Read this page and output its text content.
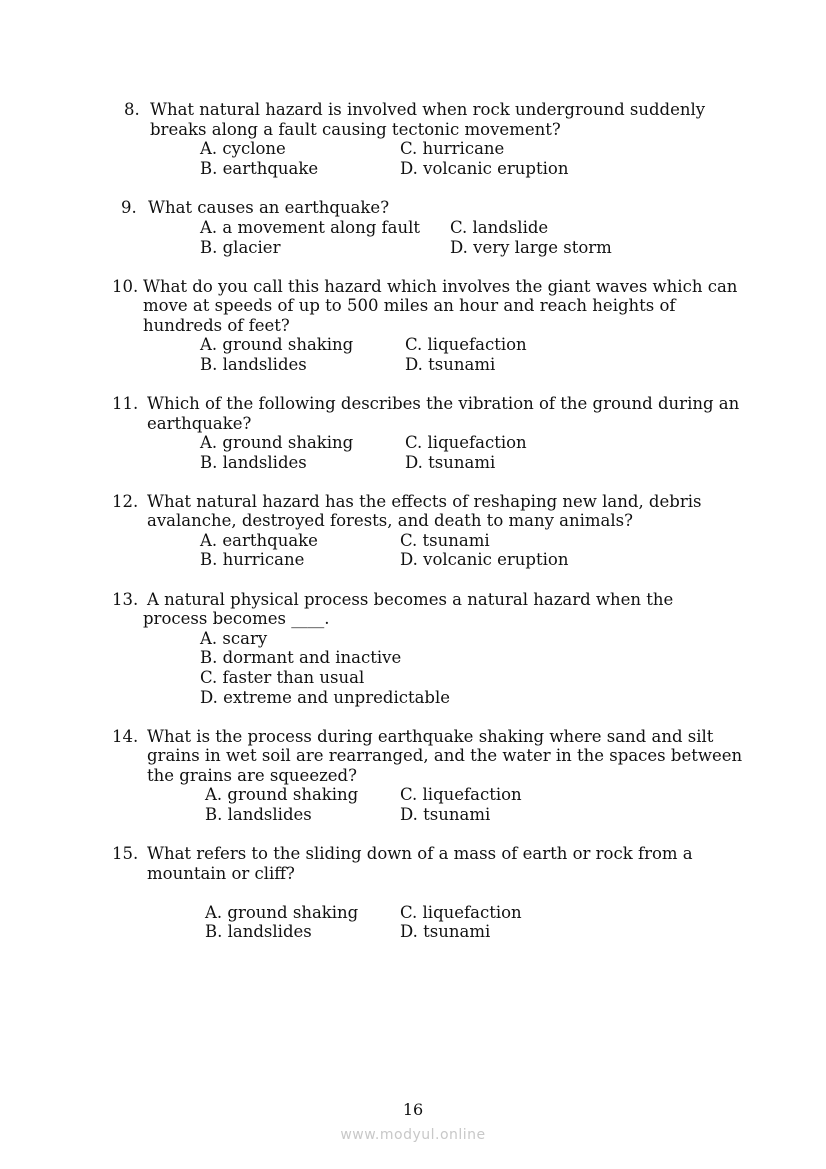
8. What natural hazard is involved when rock underground suddenly
breaks along a fault causing tectonic movement?
A. cyclone	C. hurricane
B. earthquake	D. volcanic eruption
9. What causes an earthquake?
A. a movement along fault C. landslide
B. glacier	D. very large storm
10. What do you call this hazard which involves the giant waves which can
move at speeds of up to 500 miles an hour and reach heights of
hundreds of feet?
A. ground shaking	C. liquefaction
B. landslides	D. tsunami
11. Which of the following describes the vibration of the ground during an
earthquake?
A. ground shaking	C. liquefaction
B. landslides	D. tsunami
12. What natural hazard has the effects of reshaping new land, debris
avalanche, destroyed forests, and death to many animals?
A. earthquake	C. tsunami
B. hurricane	D. volcanic eruption
13. A natural physical process becomes a natural hazard when the
process becomes ____.
A. scary
B. dormant and inactive
C. faster than usual
D. extreme and unpredictable
14. What is the process during earthquake shaking where sand and silt
grains in wet soil are rearranged, and the water in the spaces between
the grains are squeezed?
A. ground shaking	C. liquefaction
B. landslides	D. tsunami
15. What refers to the sliding down of a mass of earth or rock from a
mountain or cliff?
A. ground shaking	C. liquefaction
B. landslides	D. tsunami
16
www.modyul.online
